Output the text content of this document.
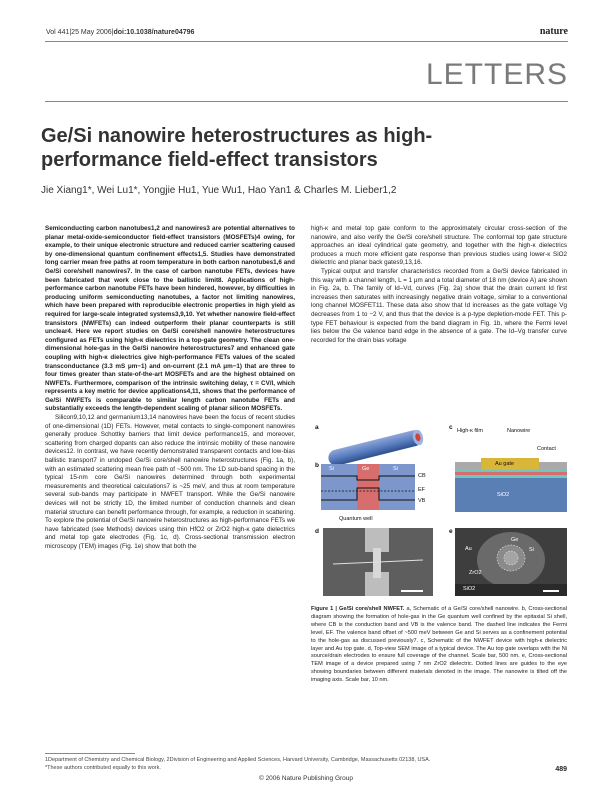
Vol 441|25 May 2006|doi:10.1038/nature04796	nature
LETTERS
Ge/Si nanowire heterostructures as high-performance field-effect transistors
Jie Xiang1*, Wei Lu1*, Yongjie Hu1, Yue Wu1, Hao Yan1 & Charles M. Lieber1,2

Semiconducting carbon nanotubes1,2 and nanowires3 are potential alternatives to planar metal-oxide-semiconductor field-effect transistors (MOSFETs)4 owing, for example, to their unique electronic structure and reduced carrier scattering caused by one-dimensional quantum confinement effects1,5. Studies have demonstrated long carrier mean free paths at room temperature in both carbon nanotubes1,6 and Ge/Si core/shell nanowires7. In the case of carbon nanotube FETs, devices have been fabricated that work close to the ballistic limit8. Applications of high-performance carbon nanotube FETs have been hindered, however, by difficulties in producing uniform semiconducting nanotubes, a factor not limiting nanowires, which have been prepared with reproducible electronic properties in high yield as required for large-scale integrated systems3,9,10. Yet whether nanowire field-effect transistors (NWFETs) can indeed outperform their planar counterparts is still unclear4. Here we report studies on Ge/Si core/shell nanowire heterostructures configured as FETs using high-κ dielectrics in a top-gate geometry. The clean one-dimensional hole-gas in the Ge/Si nanowire heterostructures7 and enhanced gate coupling with high-κ dielectrics give high-performance FETs values of the scaled transconductance (3.3 mS μm−1) and on-current (2.1 mA μm−1) that are three to four times greater than state-of-the-art MOSFETs and are the highest obtained on NWFETs. Furthermore, comparison of the intrinsic switching delay, τ = CV/I, which represents a key metric for device applications4,11, shows that the performance of Ge/Si NWFETs is comparable to similar length carbon nanotube FETs and substantially exceeds the length-dependent scaling of planar silicon MOSFETs.

Silicon9,10,12 and germanium13,14 nanowires have been the focus of recent studies of one-dimensional (1D) FETs. However, metal contacts to single-component nanowires generally produce Schottky barriers that limit device performance15, and moreover, scattering from charged dopants can also reduce the intrinsic mobility of these nanowire devices12. In contrast, we have recently demonstrated transparent contacts and low-bias ballistic transport7 in undoped Ge/Si core/shell nanowire heterostructures (Fig. 1a, b), with an estimated scattering mean free path of ~500 nm. The 1D sub-band spacing in the typical 15-nm core Ge/Si nanowires determined through both experimental measurements and theoretical calculations7 is ~25 meV, and thus at room temperature several sub-bands may participate in NWFET transport. While the Ge/Si nanowire devices will not be strictly 1D, the limited number of conduction channels and clean material structure can benefit performance through, for example, a reduction in scattering. To explore the potential of Ge/Si nanowire heterostructures as high-performance FETs we have fabricated (see Methods) devices using thin HfO2 or ZrO2 high-κ gate dielectrics and metal top gate electrodes (Fig. 1c, d). Cross-sectional transmission electron microscopy (TEM) images (Fig. 1e) show that both the

high-κ and metal top gate conform to the approximately circular cross-section of the nanowire, and also verify the Ge/Si core/shell structure. The conformal top gate structure approaches an ideal cylindrical gate geometry, and together with the high-κ dielectrics produces a much more efficient gate response than previous studies using lower-κ SiO2 dielectric and planar back gates9,13,16.

Typical output and transfer characteristics recorded from a Ge/Si device fabricated in this way with a channel length, L = 1 μm and a total diameter of 18 nm (device A) are shown in Fig. 2a, b. The family of Id–Vd, curves (Fig. 2a) show that the drain current Id first increases then saturates with increasingly negative drain voltage, similar to a conventional long channel MOSFET11. These data also show that Id increases as the gate voltage Vg decreases from 1 to −2 V, and thus that the device is a p-type depletion-mode FET. This p-type FET behaviour is expected from the band diagram in Fig. 1b, where the Fermi level lies below the Ge valence band edge in the absence of a gate. The Id–Vg transfer curve recorded for the drain bias voltage

a
b Si	Ge	Si
CB
EF
VB
Quantum well
c High-κ film	Nanowire
Au gate
Contact
SiO2
d	e
Au
Ge
Si
ZrO2
SiO2
Figure 1 | Ge/Si core/shell NWFET. a, Schematic of a Ge/Si core/shell nanowire. b, Cross-sectional diagram showing the formation of hole-gas in the Ge quantum well confined by the epitaxial Si shell, where CB is the conduction band and VB is the valence band. The dashed line indicates the Fermi level, EF. The valence band offset of ~500 meV between Ge and Si serves as a confinement potential to the hole-gas as discussed previously7. c, Schematic of the NWFET device with high-κ dielectric layer and Au top gate. d, Top-view SEM image of a typical device. The Au top gate overlaps with the Ni source/drain electrodes to ensure full coverage of the channel. Scale bar, 500 nm. e, Cross-sectional TEM image of a device prepared using 7 nm ZrO2 dielectric. Dotted lines are guides to the eye showing boundaries between different materials denoted in the image. The nanowire is tilted off the imaging axis. Scale bar, 10 nm.
1Department of Chemistry and Chemical Biology, 2Division of Engineering and Applied Sciences, Harvard University, Cambridge, Massachusetts 02138, USA.
*These authors contributed equally to this work.	489
© 2006 Nature Publishing Group
